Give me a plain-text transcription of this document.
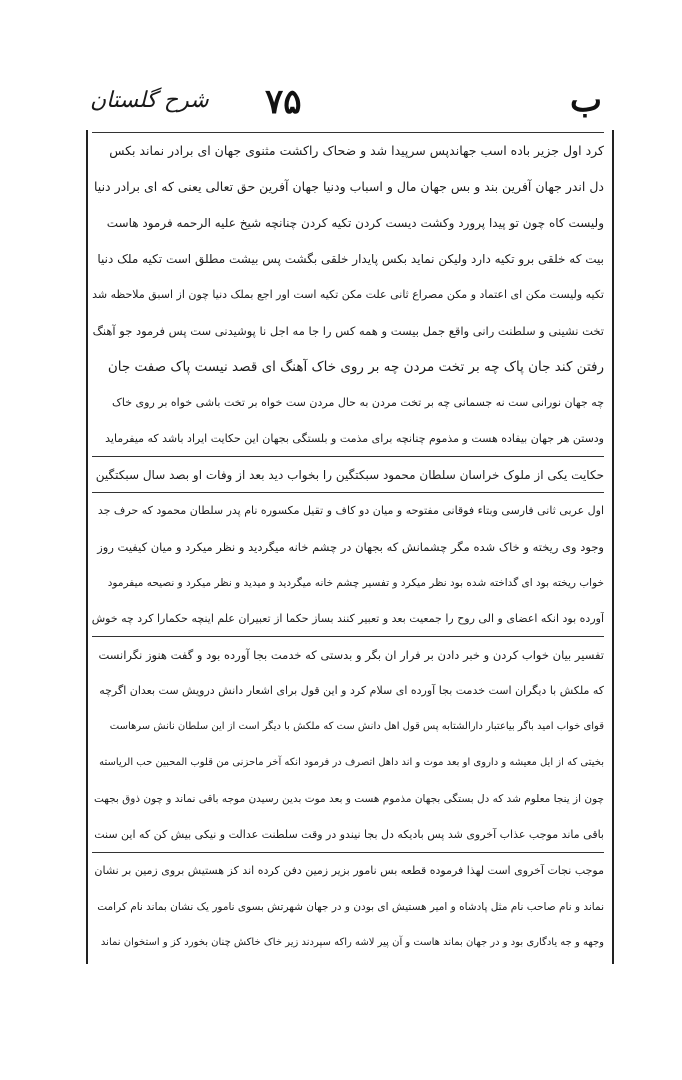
شرح گلستان ۷۵	ب
کرد اول جزیر باده اسب جهاندپس سرپیدا شد و ضحاک راکشت مثنوی جهان ای برادر نماند بکس
دل اندر جهان آفرین بند و بس جهان مال و اسباب ودنیا جهان آفرین حق تعالی یعنی که ای برادر دنیا
ولیست کاه چون تو پیدا پرورد وکشت دیست کردن تکیه کردن چنانچه شیخ علیه الرحمه فرمود هاست
بیت که خلقی برو تکیه دارد ولیکن نماید بکس پایدار خلقی بگشت پس بیشت مطلق است تکیه ملک دنیا
تکیه ولیست مکن ای اعتماد و مکن مصراع ثانی علت مکن تکیه است اور اجع بملک دنیا چون از اسبق ملاحظه شد
تخت نشینی و سلطنت رانی واقع جمل بیست و همه کس را جا مه اجل نا پوشیدنی ست پس فرمود جو آهنگ
رفتن کند جان پاک چه بر تخت مردن چه بر روی خاک آهنگ ای قصد نیست پاک صفت جان
چه جهان نورانی ست نه جسمانی چه بر تخت مردن به حال مردن ست خواه بر تخت باشی خواه بر روی خاک
ودستن هر جهان بیفاده هست و مذموم چنانچه برای مذمت و بلستگی بجهان این حکایت ایراد باشد که میفرماید
حکایت یکی از ملوک خراسان سلطان محمود سبکتگین را بخواب دید بعد از وفات او بصد سال سبکتگین
اول عربی ثانی فارسی وبتاء فوقانی مفتوحه و میان دو کاف و تقیل مکسوره نام پدر سلطان محمود که حرف جد
وجود وی ریخته و خاک شده مگر چشمانش که بجهان در چشم خانه میگردید و نظر میکرد و میان کیفیت روز
خواب ریخته بود ای گداخته شده بود نظر میکرد و تفسیر چشم خانه میگردید و میدید و نظر میکرد و نصیحه میفرمود
آورده بود انکه اعضای و الی روح را جمعیت بعد و تعبیر کنند بساز حکما از تعبیران علم اینچه حکمارا کرد چه خوش
تفسیر بیان خواب کردن و خبر دادن بر فرار ان بگر و بدستی که خدمت بجا آورده بود و گفت هنوز نگرانست
که ملکش با دیگران است خدمت بجا آورده ای سلام کرد و این قول برای اشعار دانش درویش ست بعدان اگرچه
قوای خواب امید باگر بیاعتبار دارالشتابه پس قول اهل دانش ست که ملکش با دیگر است از این سلطان نانش سرهاست
بخیتی که از ایل معیشه و داروی او بعد موت و اند داهل اتصرف در فرمود انکه آخر ماحزنی من قلوب المحبین حب الریاسته
چون از ینجا معلوم شد که دل بستگی بجهان مذموم هست و بعد موت بدین رسیدن موجه باقی نماند و چون ذوق بجهت
باقی ماند موجب عذاب آخروی شد پس بادیکه دل بجا نیندو در وقت سلطنت عدالت و نیکی بیش کن که این سنت
موجب نجات آخروی است لهذا فرموده قطعه بس نامور بزیر زمین دفن کرده اند کز هستیش بروی زمین بر نشان
نماند و نام صاحب نام مثل پادشاه و امیر هستیش ای بودن و در جهان شهرتش بسوی نامور یک نشان بماند نام کرامت
وجهه و جه یادگاری بود و در جهان بماند هاست و آن پیر لاشه راکه سپردند زیر خاک خاکش چنان بخورد کز و استخوان نماند
